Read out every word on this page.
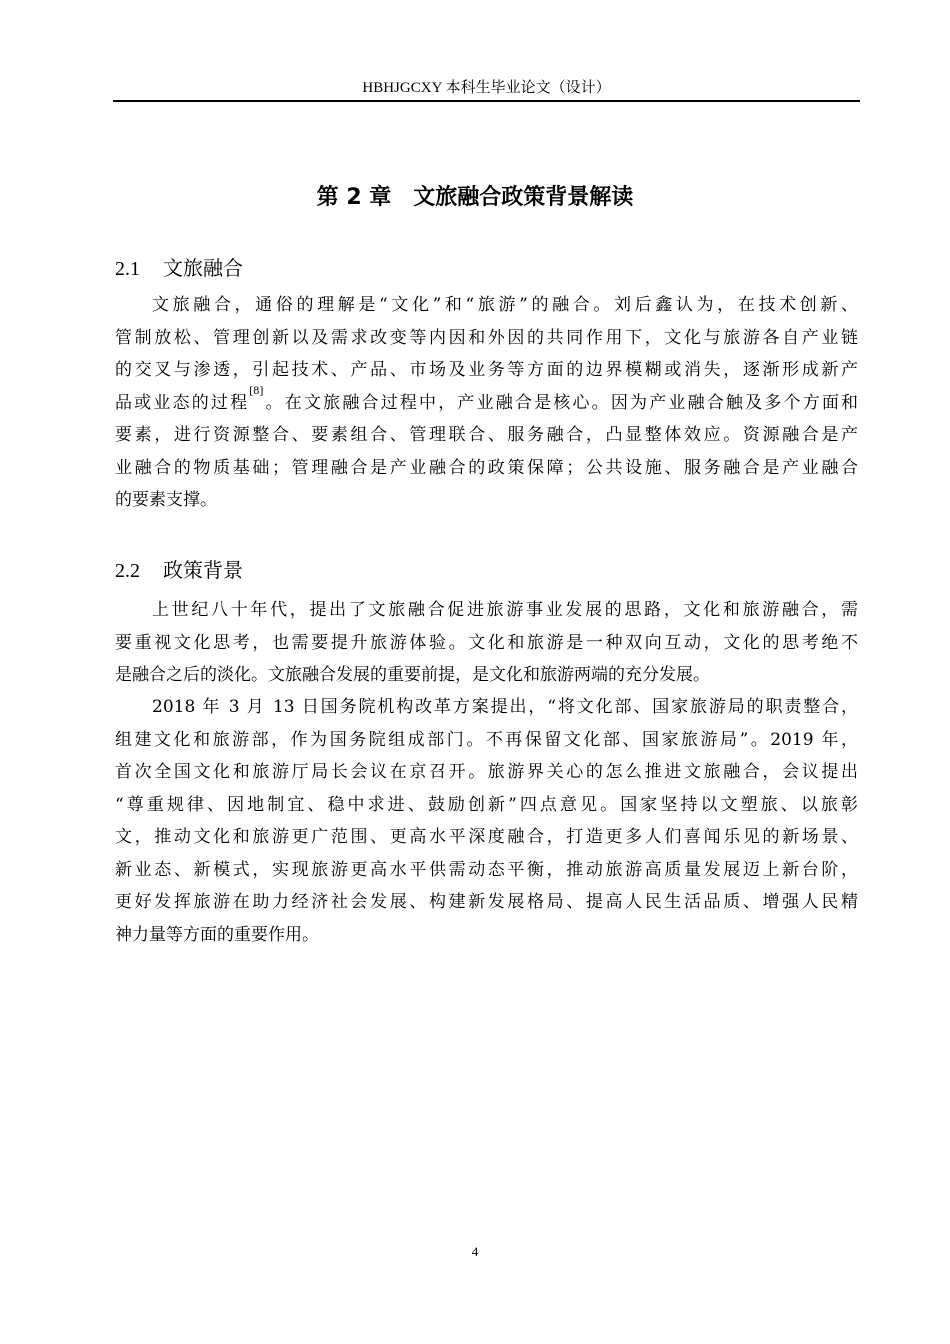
HBHJGCXY 本科生毕业论文（设计）
第 2 章　文旅融合政策背景解读
2.1 文旅融合
文旅融合，通俗的理解是“文化”和“旅游”的融合。刘后鑫认为，在技术创新、
管制放松、管理创新以及需求改变等内因和外因的共同作用下，文化与旅游各自产业链
的交叉与渗透，引起技术、产品、市场及业务等方面的边界模糊或消失，逐渐形成新产
品或业态的过程[8]。在文旅融合过程中，产业融合是核心。因为产业融合触及多个方面和
要素，进行资源整合、要素组合、管理联合、服务融合，凸显整体效应。资源融合是产
业融合的物质基础；管理融合是产业融合的政策保障；公共设施、服务融合是产业融合
的要素支撑。
2.2 政策背景
上世纪八十年代，提出了文旅融合促进旅游事业发展的思路，文化和旅游融合，需
要重视文化思考，也需要提升旅游体验。文化和旅游是一种双向互动，文化的思考绝不
是融合之后的淡化。文旅融合发展的重要前提，是文化和旅游两端的充分发展。
2018 年 3 月 13 日国务院机构改革方案提出，“将文化部、国家旅游局的职责整合，
组建文化和旅游部，作为国务院组成部门。不再保留文化部、国家旅游局”。2019 年，
首次全国文化和旅游厅局长会议在京召开。旅游界关心的怎么推进文旅融合，会议提出
“尊重规律、因地制宜、稳中求进、鼓励创新”四点意见。国家坚持以文塑旅、以旅彰
文，推动文化和旅游更广范围、更高水平深度融合，打造更多人们喜闻乐见的新场景、
新业态、新模式，实现旅游更高水平供需动态平衡，推动旅游高质量发展迈上新台阶，
更好发挥旅游在助力经济社会发展、构建新发展格局、提高人民生活品质、增强人民精
神力量等方面的重要作用。
4
